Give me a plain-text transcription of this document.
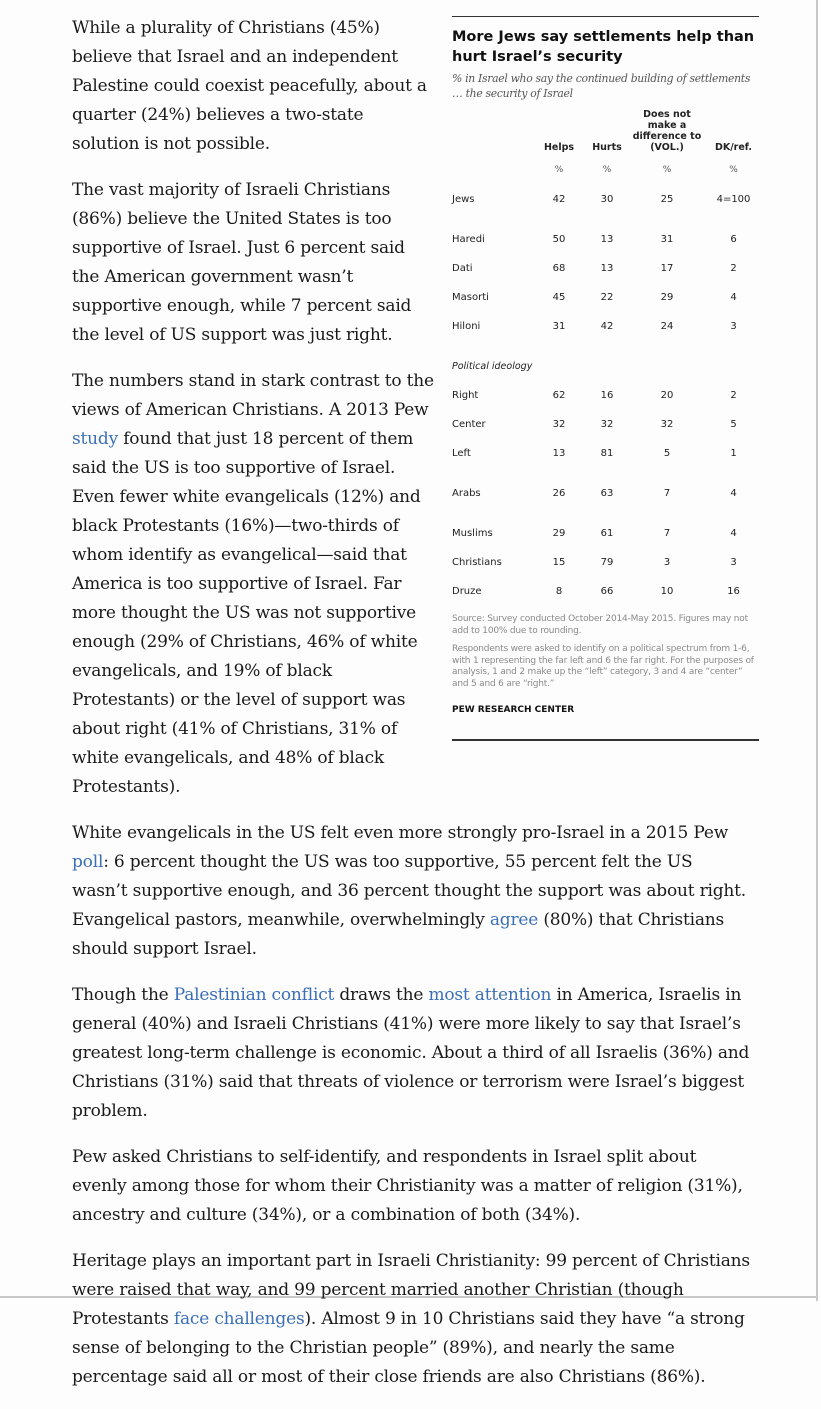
More Jews say settlements help than hurt Israel’s security
% in Israel who say the continued building of settlements … the security of Israel
	Helps	Hurts	Does not make a difference to (VOL.)	DK/ref.
	%	%	%	%
Jews	42	30	25	4=100

Haredi	50	13	31	6
Dati	68	13	17	2
Masorti	45	22	29	4
Hiloni	31	42	24	3

Political ideology				
Right	62	16	20	2
Center	32	32	32	5
Left	13	81	5	1

Arabs	26	63	7	4

Muslims	29	61	7	4
Christians	15	79	3	3
Druze	8	66	10	16
Source: Survey conducted October 2014-May 2015. Figures may not add to 100% due to rounding.
Respondents were asked to identify on a political spectrum from 1-6, with 1 representing the far left and 6 the far right. For the purposes of analysis, 1 and 2 make up the “left” category, 3 and 4 are “center” and 5 and 6 are “right.”
PEW RESEARCH CENTER

While a plurality of Christians (45%) believe that Israel and an independent Palestine could coexist peacefully, about a quarter (24%) believes a two-state solution is not possible.

The vast majority of Israeli Christians (86%) believe the United States is too supportive of Israel. Just 6 percent said the American government wasn’t supportive enough, while 7 percent said the level of US support was just right.

The numbers stand in stark contrast to the views of American Christians. A 2013 Pew study found that just 18 percent of them said the US is too supportive of Israel. Even fewer white evangelicals (12%) and black Protestants (16%)—two-thirds of whom identify as evangelical—said that America is too supportive of Israel. Far more thought the US was not supportive enough (29% of Christians, 46% of white evangelicals, and 19% of black Protestants) or the level of support was about right (41% of Christians, 31% of white evangelicals, and 48% of black Protestants).

White evangelicals in the US felt even more strongly pro-Israel in a 2015 Pew poll: 6 percent thought the US was too supportive, 55 percent felt the US wasn’t supportive enough, and 36 percent thought the support was about right. Evangelical pastors, meanwhile, overwhelmingly agree (80%) that Christians should support Israel.

Though the Palestinian conflict draws the most attention in America, Israelis in general (40%) and Israeli Christians (41%) were more likely to say that Israel’s greatest long-term challenge is economic. About a third of all Israelis (36%) and Christians (31%) said that threats of violence or terrorism were Israel’s biggest problem.

Pew asked Christians to self-identify, and respondents in Israel split about evenly among those for whom their Christianity was a matter of religion (31%), ancestry and culture (34%), or a combination of both (34%).

Heritage plays an important part in Israeli Christianity: 99 percent of Christians were raised that way, and 99 percent married another Christian (though Protestants face challenges). Almost 9 in 10 Christians said they have “a strong sense of belonging to the Christian people” (89%), and nearly the same percentage said all or most of their close friends are also Christians (86%).
